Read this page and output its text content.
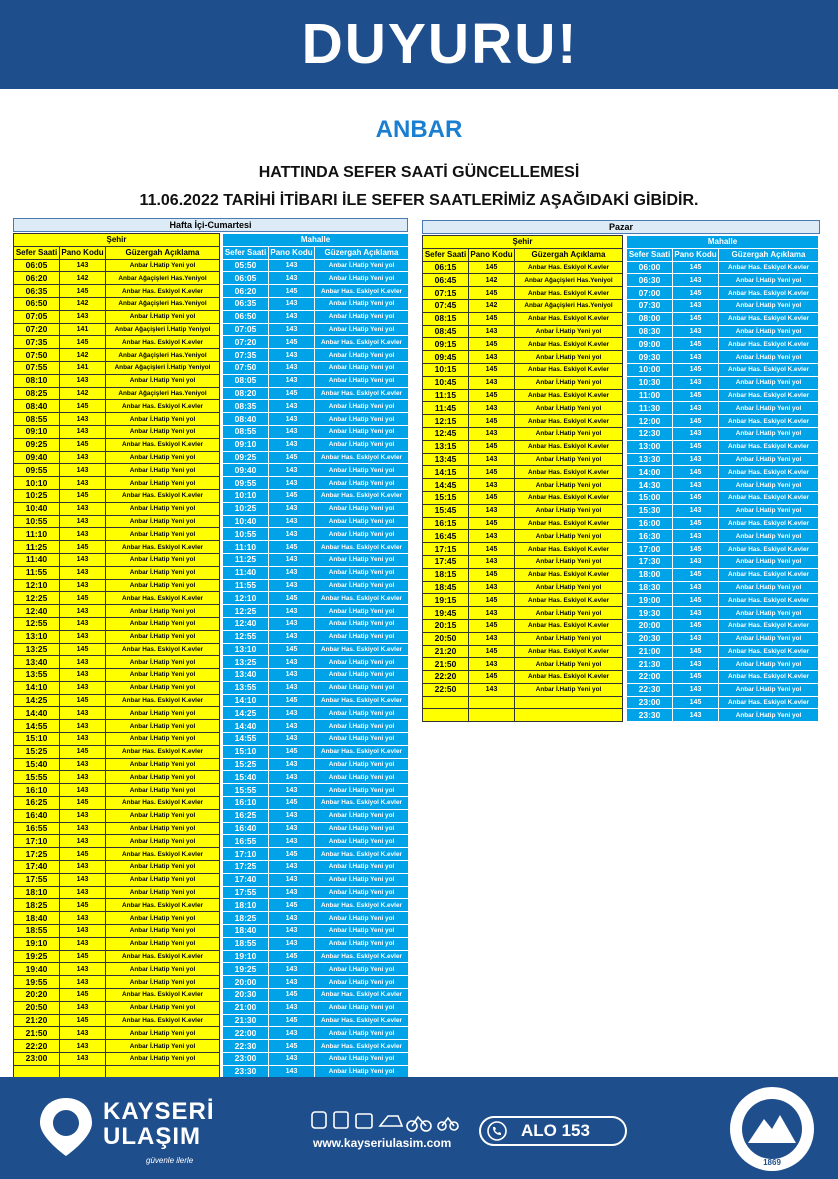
DUYURU!
ANBAR
HATTINDA SEFER SAATİ GÜNCELLEMESİ
11.06.2022 TARİHİ İTİBARI İLE SEFER SAATLERİMİZ AŞAĞIDAKİ GİBİDİR.
Hafta İçi-Cumartesi
Şehir		
Sefer Saati	Pano Kodu	Güzergah Açıklama
06:05	143	Anbar İ.Hatip Yeni yol
06:20	142	Anbar Ağaçişleri Has.Yeniyol
06:35	145	Anbar Has. Eskiyol K.evler
06:50	142	Anbar Ağaçişleri Has.Yeniyol
07:05	143	Anbar İ.Hatip Yeni yol
07:20	141	Anbar Ağaçişleri İ.Hatip Yeniyol
07:35	145	Anbar Has. Eskiyol K.evler
07:50	142	Anbar Ağaçişleri Has.Yeniyol
07:55	141	Anbar Ağaçişleri İ.Hatip Yeniyol
08:10	143	Anbar İ.Hatip Yeni yol
08:25	142	Anbar Ağaçişleri Has.Yeniyol
08:40	145	Anbar Has. Eskiyol K.evler
08:55	143	Anbar İ.Hatip Yeni yol
09:10	143	Anbar İ.Hatip Yeni yol
09:25	145	Anbar Has. Eskiyol K.evler
09:40	143	Anbar İ.Hatip Yeni yol
09:55	143	Anbar İ.Hatip Yeni yol
10:10	143	Anbar İ.Hatip Yeni yol
10:25	145	Anbar Has. Eskiyol K.evler
10:40	143	Anbar İ.Hatip Yeni yol
10:55	143	Anbar İ.Hatip Yeni yol
11:10	143	Anbar İ.Hatip Yeni yol
11:25	145	Anbar Has. Eskiyol K.evler
11:40	143	Anbar İ.Hatip Yeni yol
11:55	143	Anbar İ.Hatip Yeni yol
12:10	143	Anbar İ.Hatip Yeni yol
12:25	145	Anbar Has. Eskiyol K.evler
12:40	143	Anbar İ.Hatip Yeni yol
12:55	143	Anbar İ.Hatip Yeni yol
13:10	143	Anbar İ.Hatip Yeni yol
13:25	145	Anbar Has. Eskiyol K.evler
13:40	143	Anbar İ.Hatip Yeni yol
13:55	143	Anbar İ.Hatip Yeni yol
14:10	143	Anbar İ.Hatip Yeni yol
14:25	145	Anbar Has. Eskiyol K.evler
14:40	143	Anbar İ.Hatip Yeni yol
14:55	143	Anbar İ.Hatip Yeni yol
15:10	143	Anbar İ.Hatip Yeni yol
15:25	145	Anbar Has. Eskiyol K.evler
15:40	143	Anbar İ.Hatip Yeni yol
15:55	143	Anbar İ.Hatip Yeni yol
16:10	143	Anbar İ.Hatip Yeni yol
16:25	145	Anbar Has. Eskiyol K.evler
16:40	143	Anbar İ.Hatip Yeni yol
16:55	143	Anbar İ.Hatip Yeni yol
17:10	143	Anbar İ.Hatip Yeni yol
17:25	145	Anbar Has. Eskiyol K.evler
17:40	143	Anbar İ.Hatip Yeni yol
17:55	143	Anbar İ.Hatip Yeni yol
18:10	143	Anbar İ.Hatip Yeni yol
18:25	145	Anbar Has. Eskiyol K.evler
18:40	143	Anbar İ.Hatip Yeni yol
18:55	143	Anbar İ.Hatip Yeni yol
19:10	143	Anbar İ.Hatip Yeni yol
19:25	145	Anbar Has. Eskiyol K.evler
19:40	143	Anbar İ.Hatip Yeni yol
19:55	143	Anbar İ.Hatip Yeni yol
20:20	145	Anbar Has. Eskiyol K.evler
20:50	143	Anbar İ.Hatip Yeni yol
21:20	145	Anbar Has. Eskiyol K.evler
21:50	143	Anbar İ.Hatip Yeni yol
22:20	143	Anbar İ.Hatip Yeni yol
23:00	143	Anbar İ.Hatip Yeni yol

Mahalle		
Sefer Saati	Pano Kodu	Güzergah Açıklama
05:50	143	Anbar İ.Hatip Yeni yol
06:05	143	Anbar İ.Hatip Yeni yol
06:20	145	Anbar Has. Eskiyol K.evler
06:35	143	Anbar İ.Hatip Yeni yol
06:50	143	Anbar İ.Hatip Yeni yol
07:05	143	Anbar İ.Hatip Yeni yol
07:20	145	Anbar Has. Eskiyol K.evler
07:35	143	Anbar İ.Hatip Yeni yol
07:50	143	Anbar İ.Hatip Yeni yol
08:05	143	Anbar İ.Hatip Yeni yol
08:20	145	Anbar Has. Eskiyol K.evler
08:35	143	Anbar İ.Hatip Yeni yol
08:40	143	Anbar İ.Hatip Yeni yol
08:55	143	Anbar İ.Hatip Yeni yol
09:10	143	Anbar İ.Hatip Yeni yol
09:25	145	Anbar Has. Eskiyol K.evler
09:40	143	Anbar İ.Hatip Yeni yol
09:55	143	Anbar İ.Hatip Yeni yol
10:10	145	Anbar Has. Eskiyol K.evler
10:25	143	Anbar İ.Hatip Yeni yol
10:40	143	Anbar İ.Hatip Yeni yol
10:55	143	Anbar İ.Hatip Yeni yol
11:10	145	Anbar Has. Eskiyol K.evler
11:25	143	Anbar İ.Hatip Yeni yol
11:40	143	Anbar İ.Hatip Yeni yol
11:55	143	Anbar İ.Hatip Yeni yol
12:10	145	Anbar Has. Eskiyol K.evler
12:25	143	Anbar İ.Hatip Yeni yol
12:40	143	Anbar İ.Hatip Yeni yol
12:55	143	Anbar İ.Hatip Yeni yol
13:10	145	Anbar Has. Eskiyol K.evler
13:25	143	Anbar İ.Hatip Yeni yol
13:40	143	Anbar İ.Hatip Yeni yol
13:55	143	Anbar İ.Hatip Yeni yol
14:10	145	Anbar Has. Eskiyol K.evler
14:25	143	Anbar İ.Hatip Yeni yol
14:40	143	Anbar İ.Hatip Yeni yol
14:55	143	Anbar İ.Hatip Yeni yol
15:10	145	Anbar Has. Eskiyol K.evler
15:25	143	Anbar İ.Hatip Yeni yol
15:40	143	Anbar İ.Hatip Yeni yol
15:55	143	Anbar İ.Hatip Yeni yol
16:10	145	Anbar Has. Eskiyol K.evler
16:25	143	Anbar İ.Hatip Yeni yol
16:40	143	Anbar İ.Hatip Yeni yol
16:55	143	Anbar İ.Hatip Yeni yol
17:10	145	Anbar Has. Eskiyol K.evler
17:25	143	Anbar İ.Hatip Yeni yol
17:40	143	Anbar İ.Hatip Yeni yol
17:55	143	Anbar İ.Hatip Yeni yol
18:10	145	Anbar Has. Eskiyol K.evler
18:25	143	Anbar İ.Hatip Yeni yol
18:40	143	Anbar İ.Hatip Yeni yol
18:55	143	Anbar İ.Hatip Yeni yol
19:10	145	Anbar Has. Eskiyol K.evler
19:25	143	Anbar İ.Hatip Yeni yol
20:00	143	Anbar İ.Hatip Yeni yol
20:30	145	Anbar Has. Eskiyol K.evler
21:00	143	Anbar İ.Hatip Yeni yol
21:30	145	Anbar Has. Eskiyol K.evler
22:00	143	Anbar İ.Hatip Yeni yol
22:30	145	Anbar Has. Eskiyol K.evler
23:00	143	Anbar İ.Hatip Yeni yol
23:30	143	Anbar İ.Hatip Yeni yol
Pazar
Şehir		
Sefer Saati	Pano Kodu	Güzergah Açıklama
06:15	145	Anbar Has. Eskiyol K.evler
06:45	142	Anbar Ağaçişleri Has.Yeniyol
07:15	145	Anbar Has. Eskiyol K.evler
07:45	142	Anbar Ağaçişleri Has.Yeniyol
08:15	145	Anbar Has. Eskiyol K.evler
08:45	143	Anbar İ.Hatip Yeni yol
09:15	145	Anbar Has. Eskiyol K.evler
09:45	143	Anbar İ.Hatip Yeni yol
10:15	145	Anbar Has. Eskiyol K.evler
10:45	143	Anbar İ.Hatip Yeni yol
11:15	145	Anbar Has. Eskiyol K.evler
11:45	143	Anbar İ.Hatip Yeni yol
12:15	145	Anbar Has. Eskiyol K.evler
12:45	143	Anbar İ.Hatip Yeni yol
13:15	145	Anbar Has. Eskiyol K.evler
13:45	143	Anbar İ.Hatip Yeni yol
14:15	145	Anbar Has. Eskiyol K.evler
14:45	143	Anbar İ.Hatip Yeni yol
15:15	145	Anbar Has. Eskiyol K.evler
15:45	143	Anbar İ.Hatip Yeni yol
16:15	145	Anbar Has. Eskiyol K.evler
16:45	143	Anbar İ.Hatip Yeni yol
17:15	145	Anbar Has. Eskiyol K.evler
17:45	143	Anbar İ.Hatip Yeni yol
18:15	145	Anbar Has. Eskiyol K.evler
18:45	143	Anbar İ.Hatip Yeni yol
19:15	145	Anbar Has. Eskiyol K.evler
19:45	143	Anbar İ.Hatip Yeni yol
20:15	145	Anbar Has. Eskiyol K.evler
20:50	143	Anbar İ.Hatip Yeni yol
21:20	145	Anbar Has. Eskiyol K.evler
21:50	143	Anbar İ.Hatip Yeni yol
22:20	145	Anbar Has. Eskiyol K.evler
22:50	143	Anbar İ.Hatip Yeni yol

Mahalle		
Sefer Saati	Pano Kodu	Güzergah Açıklama
06:00	145	Anbar Has. Eskiyol K.evler
06:30	143	Anbar İ.Hatip Yeni yol
07:00	145	Anbar Has. Eskiyol K.evler
07:30	143	Anbar İ.Hatip Yeni yol
08:00	145	Anbar Has. Eskiyol K.evler
08:30	143	Anbar İ.Hatip Yeni yol
09:00	145	Anbar Has. Eskiyol K.evler
09:30	143	Anbar İ.Hatip Yeni yol
10:00	145	Anbar Has. Eskiyol K.evler
10:30	143	Anbar İ.Hatip Yeni yol
11:00	145	Anbar Has. Eskiyol K.evler
11:30	143	Anbar İ.Hatip Yeni yol
12:00	145	Anbar Has. Eskiyol K.evler
12:30	143	Anbar İ.Hatip Yeni yol
13:00	145	Anbar Has. Eskiyol K.evler
13:30	143	Anbar İ.Hatip Yeni yol
14:00	145	Anbar Has. Eskiyol K.evler
14:30	143	Anbar İ.Hatip Yeni yol
15:00	145	Anbar Has. Eskiyol K.evler
15:30	143	Anbar İ.Hatip Yeni yol
16:00	145	Anbar Has. Eskiyol K.evler
16:30	143	Anbar İ.Hatip Yeni yol
17:00	145	Anbar Has. Eskiyol K.evler
17:30	143	Anbar İ.Hatip Yeni yol
18:00	145	Anbar Has. Eskiyol K.evler
18:30	143	Anbar İ.Hatip Yeni yol
19:00	145	Anbar Has. Eskiyol K.evler
19:30	143	Anbar İ.Hatip Yeni yol
20:00	145	Anbar Has. Eskiyol K.evler
20:30	143	Anbar İ.Hatip Yeni yol
21:00	145	Anbar Has. Eskiyol K.evler
21:30	143	Anbar İ.Hatip Yeni yol
22:00	145	Anbar Has. Eskiyol K.evler
22:30	143	Anbar İ.Hatip Yeni yol
23:00	145	Anbar Has. Eskiyol K.evler
23:30	143	Anbar İ.Hatip Yeni yol
KAYSERİ
ULAŞIM
güvenle ilerle
www.kayseriulasim.com
ALO 153
1869
